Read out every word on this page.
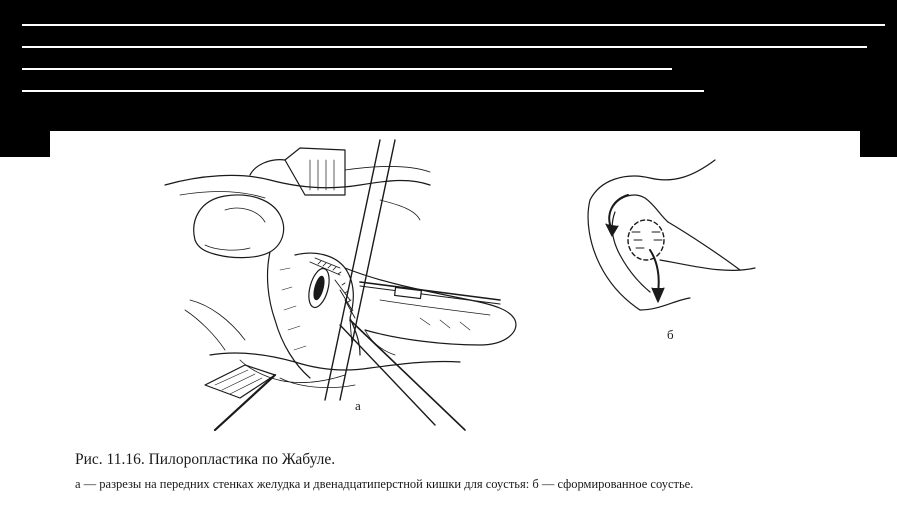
а
б
Рис. 11.16. Пилоропластика по Жабуле.
а — разрезы на передних стенках желудка и двенадцатиперстной кишки для соустья: б — сформированное соустье.
